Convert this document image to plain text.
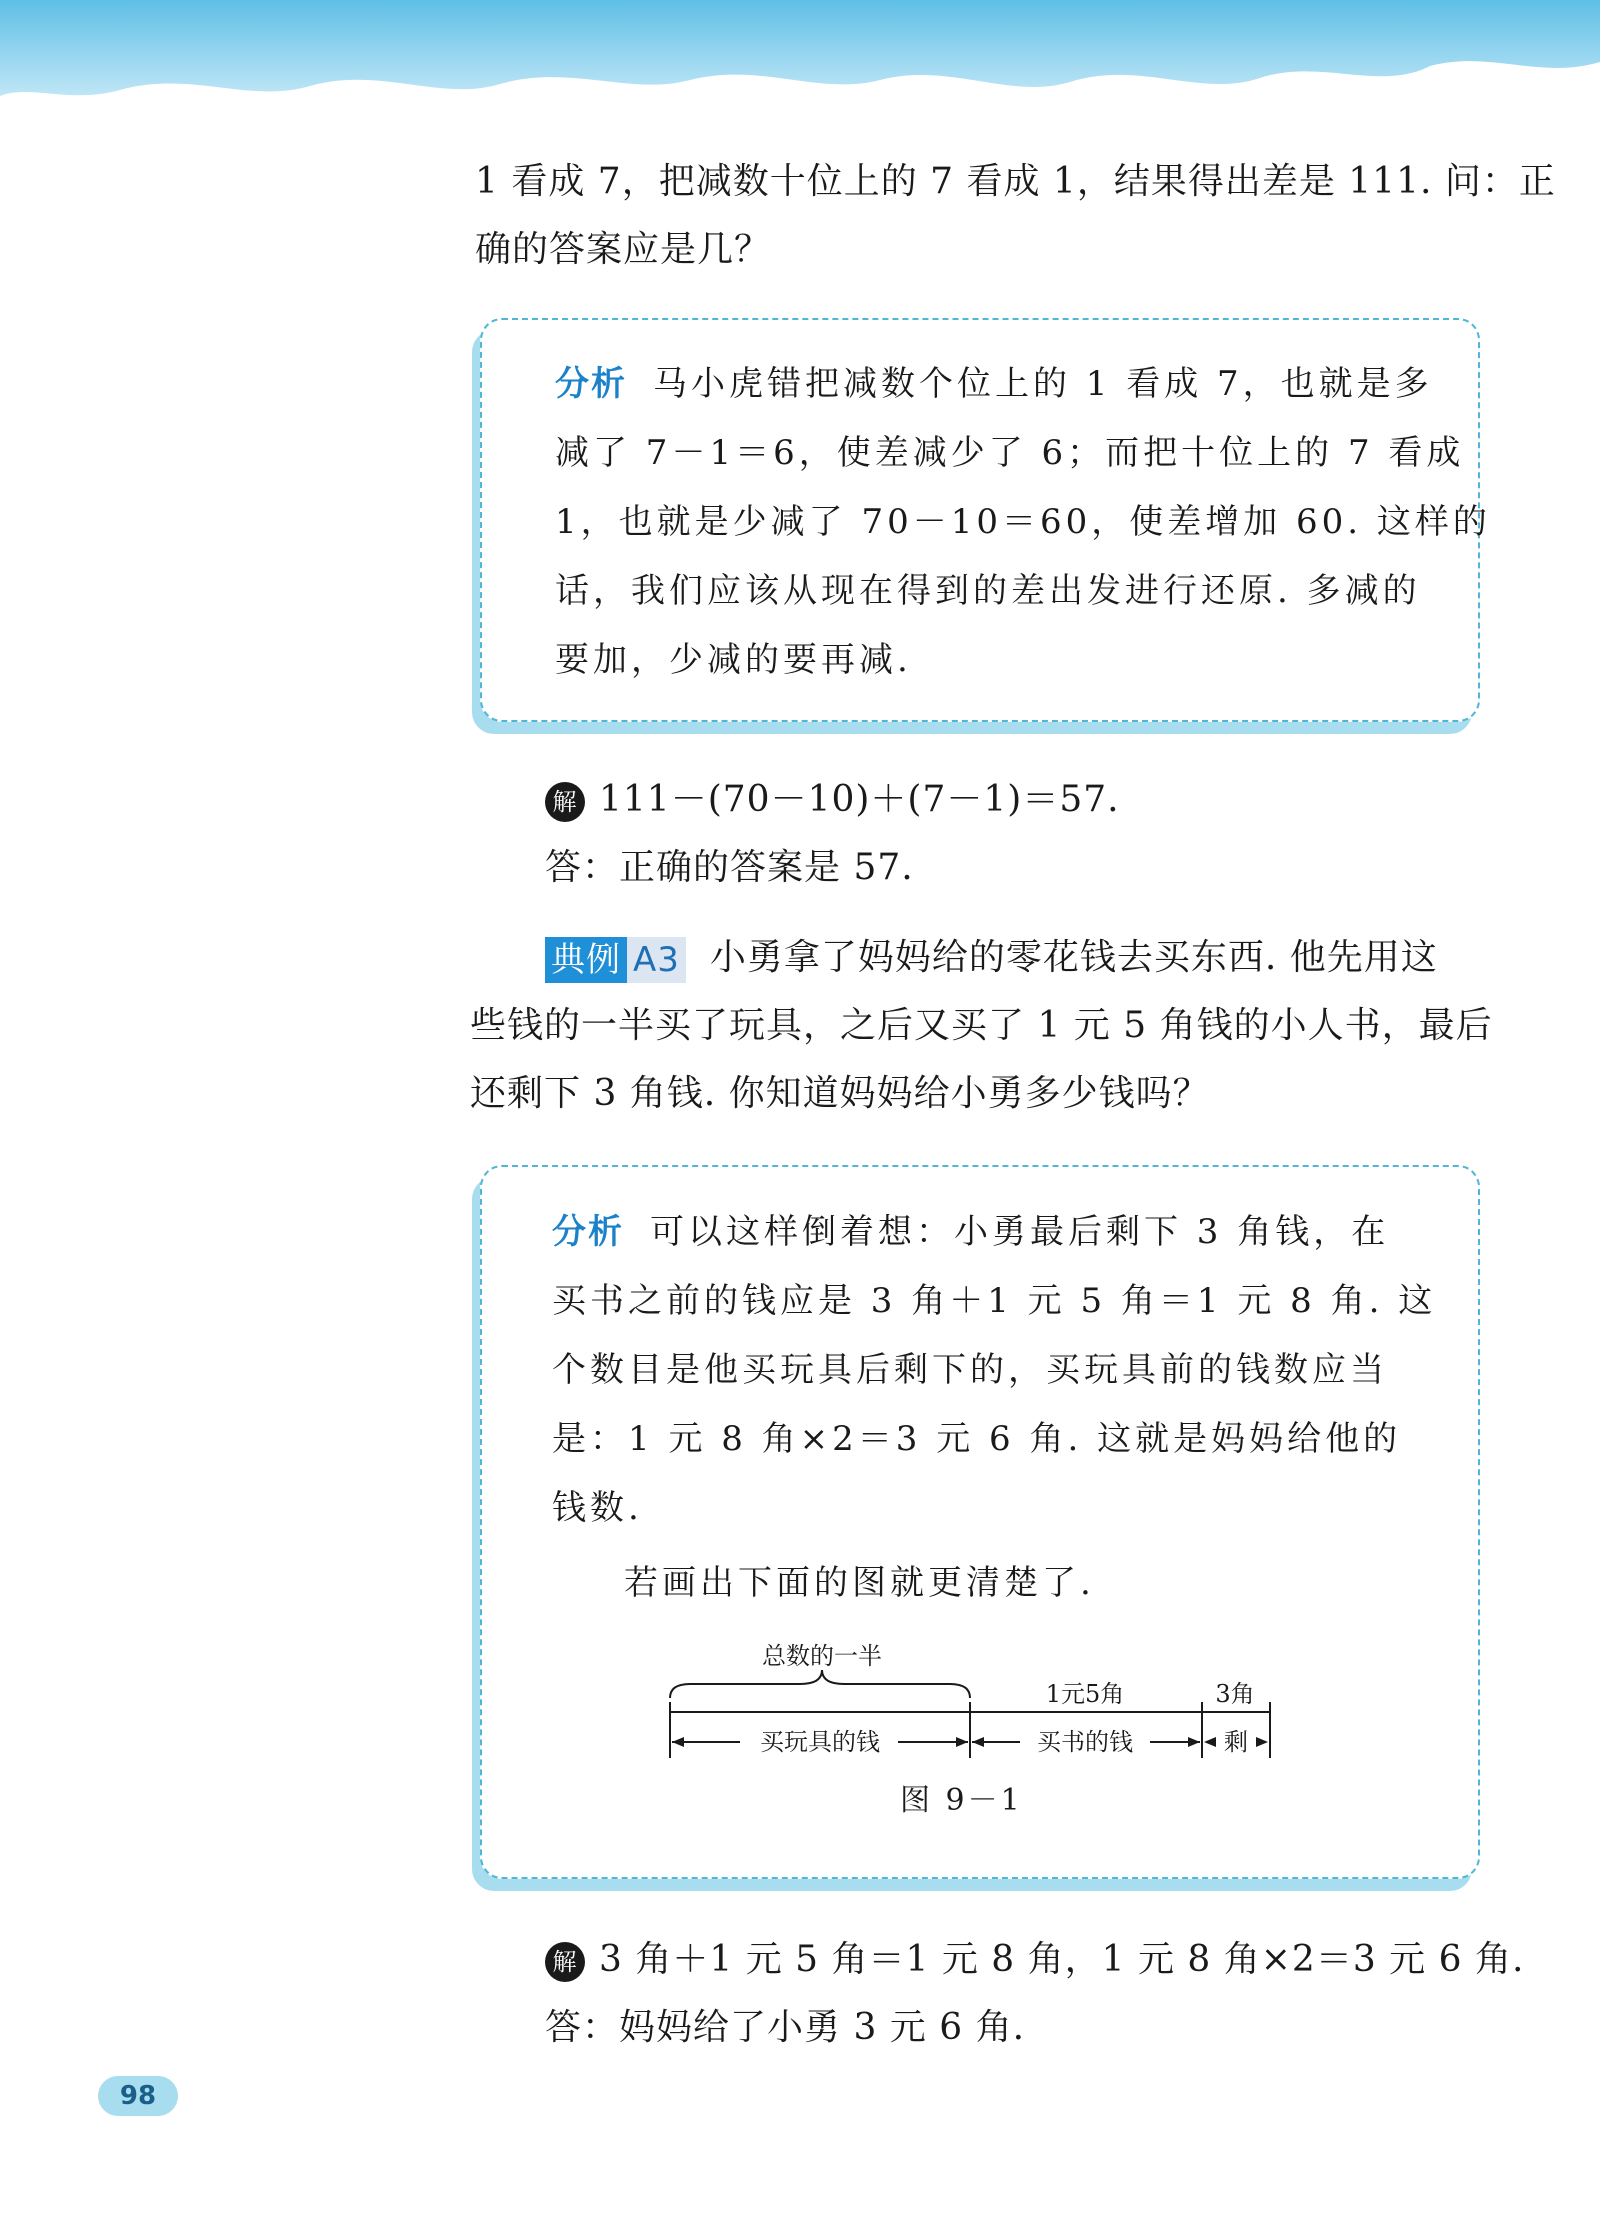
1 看成 7，把减数十位上的 7 看成 1，结果得出差是 111. 问：正
确的答案应是几？
分析 马小虎错把减数个位上的 1 看成 7，也就是多
减了 7－1＝6，使差减少了 6；而把十位上的 7 看成
1，也就是少减了 70－10＝60，使差增加 60. 这样的
话，我们应该从现在得到的差出发进行还原. 多减的
要加，少减的要再减.
解 111－(70－10)＋(7－1)＝57.
答：正确的答案是 57.
典例 A3 小勇拿了妈妈给的零花钱去买东西. 他先用这
些钱的一半买了玩具，之后又买了 1 元 5 角钱的小人书，最后
还剩下 3 角钱. 你知道妈妈给小勇多少钱吗？
分析 可以这样倒着想：小勇最后剩下 3 角钱，在
买书之前的钱应是 3 角＋1 元 5 角＝1 元 8 角. 这
个数目是他买玩具后剩下的，买玩具前的钱数应当
是：1 元 8 角×2＝3 元 6 角. 这就是妈妈给他的
钱数.
若画出下面的图就更清楚了.
总数的一半
1元5角	3角
买玩具的钱	买书的钱	剩
图 9－1
解 3 角＋1 元 5 角＝1 元 8 角，1 元 8 角×2＝3 元 6 角.
答：妈妈给了小勇 3 元 6 角.
98
